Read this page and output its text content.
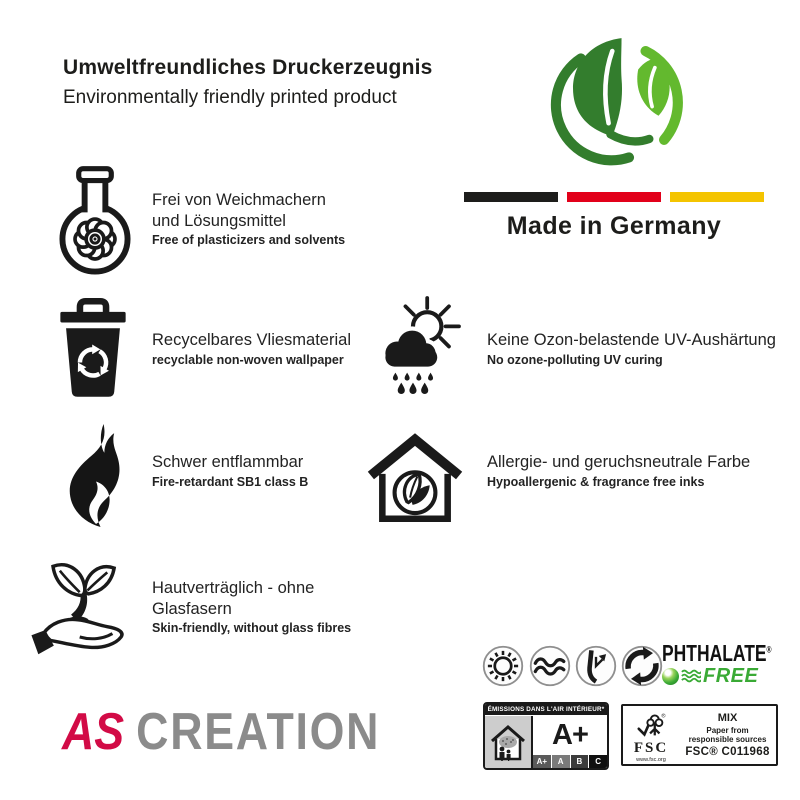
Umweltfreundliches Druckerzeugnis
Environmentally friendly printed product
Made in Germany
Frei von Weichmachern und Lösungsmittel
Free of plasticizers and solvents
Recycelbares Vliesmaterial
recyclable non-woven wallpaper
Schwer entflammbar
Fire-retardant SB1 class B
Hautverträglich - ohne Glasfasern
Skin-friendly, without glass fibres
Keine Ozon-belastende UV-Aushärtung
No ozone-polluting UV curing
Allergie- und geruchsneutrale Farbe
Hypoallergenic & fragrance free inks
AS CREATION
PHTHALATE®
FREE
ÉMISSIONS DANS L'AIR INTÉRIEUR*
A+
A+	A	B	C
®
FSC
www.fsc.org
MIX
Paper from
responsible sources
FSC® C011968
